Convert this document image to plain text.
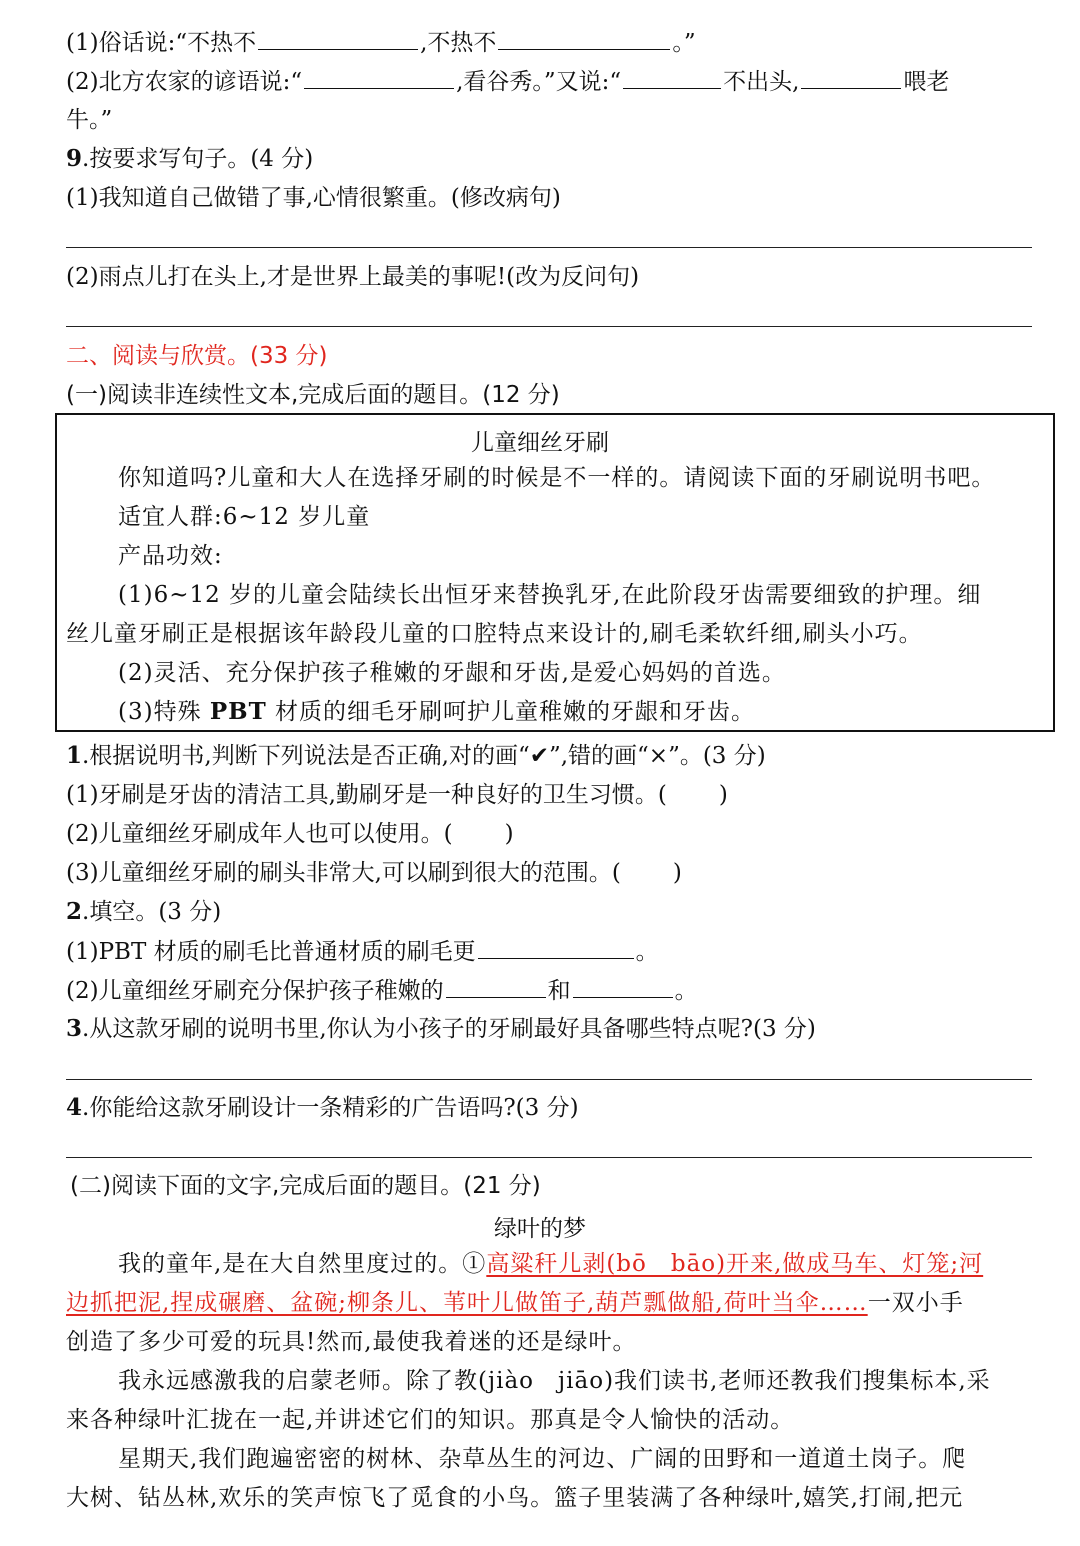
(1)俗话说:“不热不	,不热不	。”
(2)北方农家的谚语说:“	,看谷秀。”又说:“	不出头,	喂老
牛。”
9.按要求写句子。(4 分)
(1)我知道自己做错了事,心情很繁重。(修改病句)
(2)雨点儿打在头上,才是世界上最美的事呢!(改为反问句)
二、阅读与欣赏。(33 分)
(一)阅读非连续性文本,完成后面的题目。(12 分)
儿童细丝牙刷
你知道吗?儿童和大人在选择牙刷的时候是不一样的。请阅读下面的牙刷说明书吧。
适宜人群:6~12 岁儿童
产品功效:
(1)6~12 岁的儿童会陆续长出恒牙来替换乳牙,在此阶段牙齿需要细致的护理。细
丝儿童牙刷正是根据该年龄段儿童的口腔特点来设计的,刷毛柔软纤细,刷头小巧。
(2)灵活、充分保护孩子稚嫩的牙龈和牙齿,是爱心妈妈的首选。
(3)特殊 PBT 材质的细毛牙刷呵护儿童稚嫩的牙龈和牙齿。
1.根据说明书,判断下列说法是否正确,对的画“✔”,错的画“×”。(3 分)
(1)牙刷是牙齿的清洁工具,勤刷牙是一种良好的卫生习惯。( )
(2)儿童细丝牙刷成年人也可以使用。( )
(3)儿童细丝牙刷的刷头非常大,可以刷到很大的范围。( )
2.填空。(3 分)
(1)PBT 材质的刷毛比普通材质的刷毛更	。
(2)儿童细丝牙刷充分保护孩子稚嫩的	和	。
3.从这款牙刷的说明书里,你认为小孩子的牙刷最好具备哪些特点呢?(3 分)
4.你能给这款牙刷设计一条精彩的广告语吗?(3 分)
(二)阅读下面的文字,完成后面的题目。(21 分)
绿叶的梦
我的童年,是在大自然里度过的。①高粱秆儿剥(bō　bāo)开来,做成马车、灯笼;河
边抓把泥,捏成碾磨、盆碗;柳条儿、苇叶儿做笛子,葫芦瓢做船,荷叶当伞……一双小手
创造了多少可爱的玩具!然而,最使我着迷的还是绿叶。
我永远感激我的启蒙老师。除了教(jiào　jiāo)我们读书,老师还教我们搜集标本,采
来各种绿叶汇拢在一起,并讲述它们的知识。那真是令人愉快的活动。
星期天,我们跑遍密密的树林、杂草丛生的河边、广阔的田野和一道道土岗子。爬
大树、钻丛林,欢乐的笑声惊飞了觅食的小鸟。篮子里装满了各种绿叶,嬉笑,打闹,把元
